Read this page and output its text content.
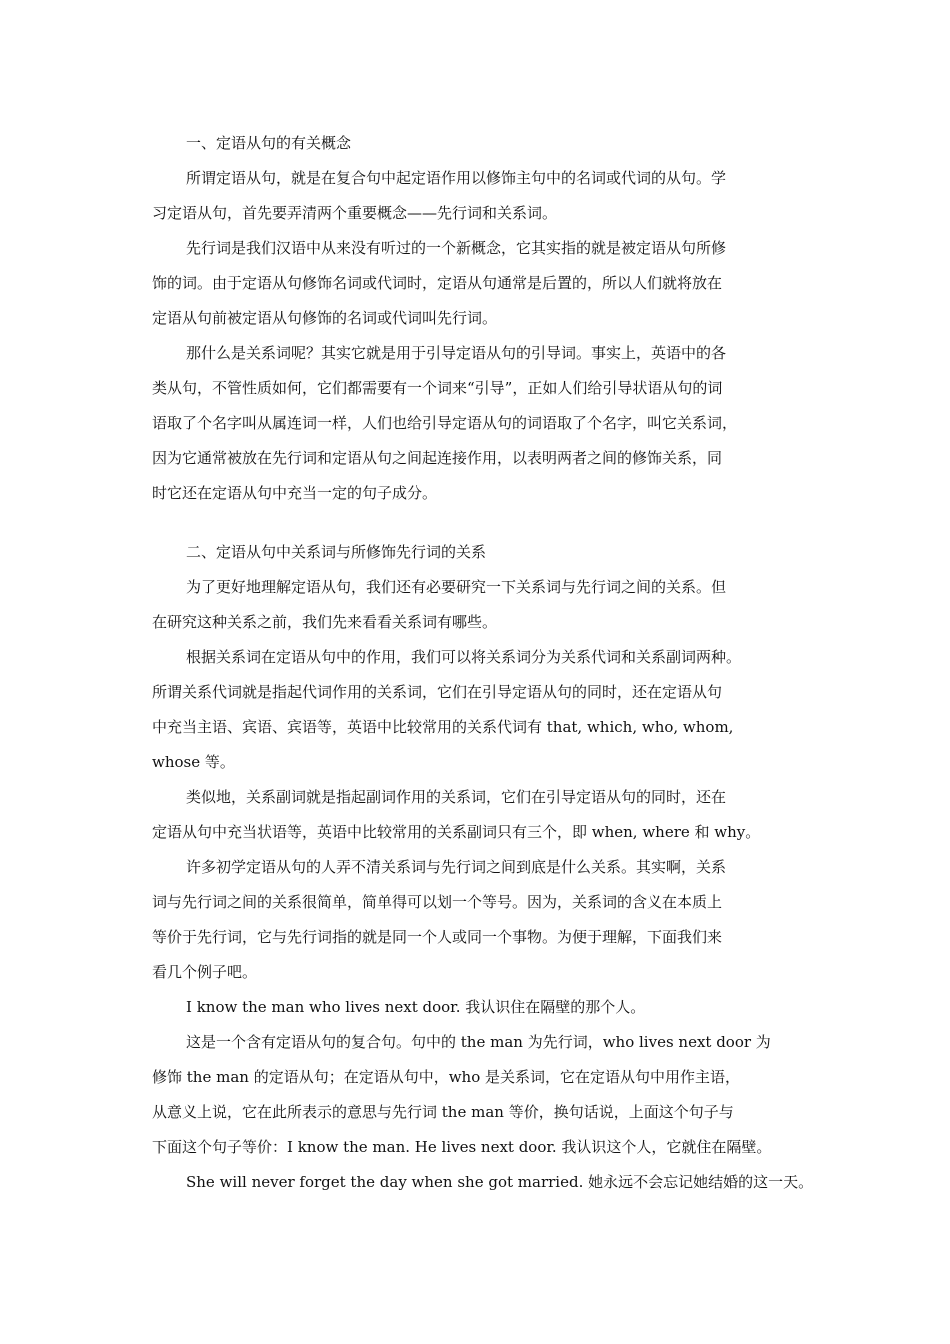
一、定语从句的有关概念
所谓定语从句，就是在复合句中起定语作用以修饰主句中的名词或代词的从句。学
习定语从句，首先要弄清两个重要概念——先行词和关系词。
先行词是我们汉语中从来没有听过的一个新概念，它其实指的就是被定语从句所修
饰的词。由于定语从句修饰名词或代词时，定语从句通常是后置的，所以人们就将放在
定语从句前被定语从句修饰的名词或代词叫先行词。
那什么是关系词呢？其实它就是用于引导定语从句的引导词。事实上，英语中的各
类从句，不管性质如何，它们都需要有一个词来“引导”，正如人们给引导状语从句的词
语取了个名字叫从属连词一样，人们也给引导定语从句的词语取了个名字，叫它关系词，
因为它通常被放在先行词和定语从句之间起连接作用，以表明两者之间的修饰关系，同
时它还在定语从句中充当一定的句子成分。
二、定语从句中关系词与所修饰先行词的关系
为了更好地理解定语从句，我们还有必要研究一下关系词与先行词之间的关系。但
在研究这种关系之前，我们先来看看关系词有哪些。
根据关系词在定语从句中的作用，我们可以将关系词分为关系代词和关系副词两种。
所谓关系代词就是指起代词作用的关系词，它们在引导定语从句的同时，还在定语从句
中充当主语、宾语、宾语等，英语中比较常用的关系代词有 that, which, who, whom,
whose 等。
类似地，关系副词就是指起副词作用的关系词，它们在引导定语从句的同时，还在
定语从句中充当状语等，英语中比较常用的关系副词只有三个，即 when, where 和 why。
许多初学定语从句的人弄不清关系词与先行词之间到底是什么关系。其实啊，关系
词与先行词之间的关系很简单，简单得可以划一个等号。因为，关系词的含义在本质上
等价于先行词，它与先行词指的就是同一个人或同一个事物。为便于理解，下面我们来
看几个例子吧。
I know the man who lives next door. 我认识住在隔壁的那个人。
这是一个含有定语从句的复合句。句中的 the man 为先行词，who lives next door 为
修饰 the man 的定语从句；在定语从句中，who 是关系词，它在定语从句中用作主语，
从意义上说，它在此所表示的意思与先行词 the man 等价，换句话说，上面这个句子与
下面这个句子等价：I know the man. He lives next door. 我认识这个人，它就住在隔壁。
She will never forget the day when she got married. 她永远不会忘记她结婚的这一天。
